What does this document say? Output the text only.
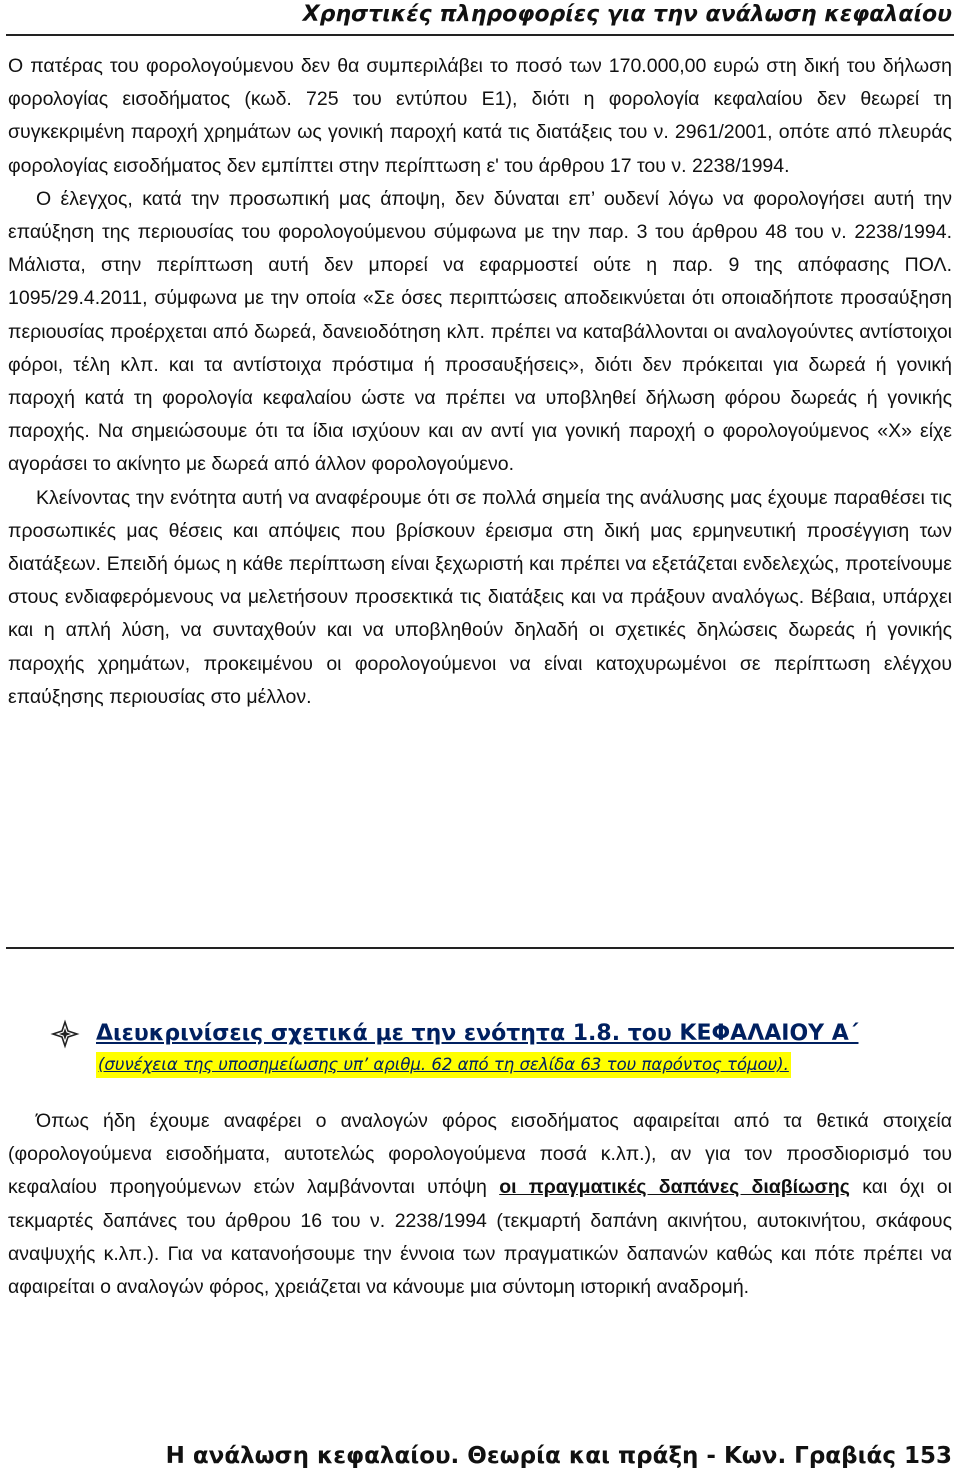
Χρηστικές πληροφορίες για την ανάλωση κεφαλαίου

Ο πατέρας του φορολογούμενου δεν θα συμπεριλάβει το ποσό των 170.000,00 ευρώ στη δική του δήλωση φορολογίας εισοδήματος (κωδ. 725 του εντύπου Ε1), διότι η φορολογία κεφαλαίου δεν θεωρεί τη συγκεκριμένη παροχή χρημάτων ως γονική παροχή κατά τις διατάξεις του ν. 2961/2001, οπότε από πλευράς φορολογίας εισοδήματος δεν εμπίπτει στην περίπτωση ε' του άρθρου 17 του ν. 2238/1994.

Ο έλεγχος, κατά την προσωπική μας άποψη, δεν δύναται επ’ ουδενί λόγω να φορολογήσει αυτή την επαύξηση της περιουσίας του φορολογούμενου σύμφωνα με την παρ. 3 του άρθρου 48 του ν. 2238/1994. Μάλιστα, στην περίπτωση αυτή δεν μπορεί να εφαρμοστεί ούτε η παρ. 9 της απόφασης ΠΟΛ. 1095/29.4.2011, σύμφωνα με την οποία «Σε όσες περιπτώσεις αποδεικνύεται ότι οποιαδήποτε προσαύξηση περιουσίας προέρχεται από δωρεά, δανειοδότηση κλπ. πρέπει να καταβάλλονται οι αναλογούντες αντίστοιχοι φόροι, τέλη κλπ. και τα αντίστοιχα πρόστιμα ή προσαυξήσεις», διότι δεν πρόκειται για δωρεά ή γονική παροχή κατά τη φορολογία κεφαλαίου ώστε να πρέπει να υποβληθεί δήλωση φόρου δωρεάς ή γονικής παροχής. Να σημειώσουμε ότι τα ίδια ισχύουν και αν αντί για γονική παροχή ο φορολογούμενος «Χ» είχε αγοράσει το ακίνητο με δωρεά από άλλον φορολογούμενο.

Κλείνοντας την ενότητα αυτή να αναφέρουμε ότι σε πολλά σημεία της ανάλυσης μας έχουμε παραθέσει τις προσωπικές μας θέσεις και απόψεις που βρίσκουν έρεισμα στη δική μας ερμηνευτική προσέγγιση των διατάξεων. Επειδή όμως η κάθε περίπτωση είναι ξεχωριστή και πρέπει να εξετάζεται ενδελεχώς, προτείνουμε στους ενδιαφερόμενους να μελετήσουν προσεκτικά τις διατάξεις και να πράξουν αναλόγως. Βέβαια, υπάρχει και η απλή λύση, να συνταχθούν και να υποβληθούν δηλαδή οι σχετικές δηλώσεις δωρεάς ή γονικής παροχής χρημάτων, προκειμένου οι φορολογούμενοι να είναι κατοχυρωμένοι σε περίπτωση ελέγχου επαύξησης περιουσίας στο μέλλον.

Διευκρινίσεις σχετικά με την ενότητα 1.8. του ΚΕΦΑΛΑΙΟΥ Α΄
(συνέχεια της υποσημείωσης υπ’ αριθμ. 62 από τη σελίδα 63 του παρόντος τόμου).

Όπως ήδη έχουμε αναφέρει ο αναλογών φόρος εισοδήματος αφαιρείται από τα θετικά στοιχεία (φορολογούμενα εισοδήματα, αυτοτελώς φορολογούμενα ποσά κ.λπ.), αν για τον προσδιορισμό του κεφαλαίου προηγούμενων ετών λαμβάνονται υπόψη οι πραγματικές δαπάνες διαβίωσης και όχι οι τεκμαρτές δαπάνες του άρθρου 16 του ν. 2238/1994 (τεκμαρτή δαπάνη ακινήτου, αυτοκινήτου, σκάφους αναψυχής κ.λπ.). Για να κατανοήσουμε την έννοια των πραγματικών δαπανών καθώς και πότε πρέπει να αφαιρείται ο αναλογών φόρος, χρειάζεται να κάνουμε μια σύντομη ιστορική αναδρομή.

Η ανάλωση κεφαλαίου. Θεωρία και πράξη - Κων. Γραβιάς 153
